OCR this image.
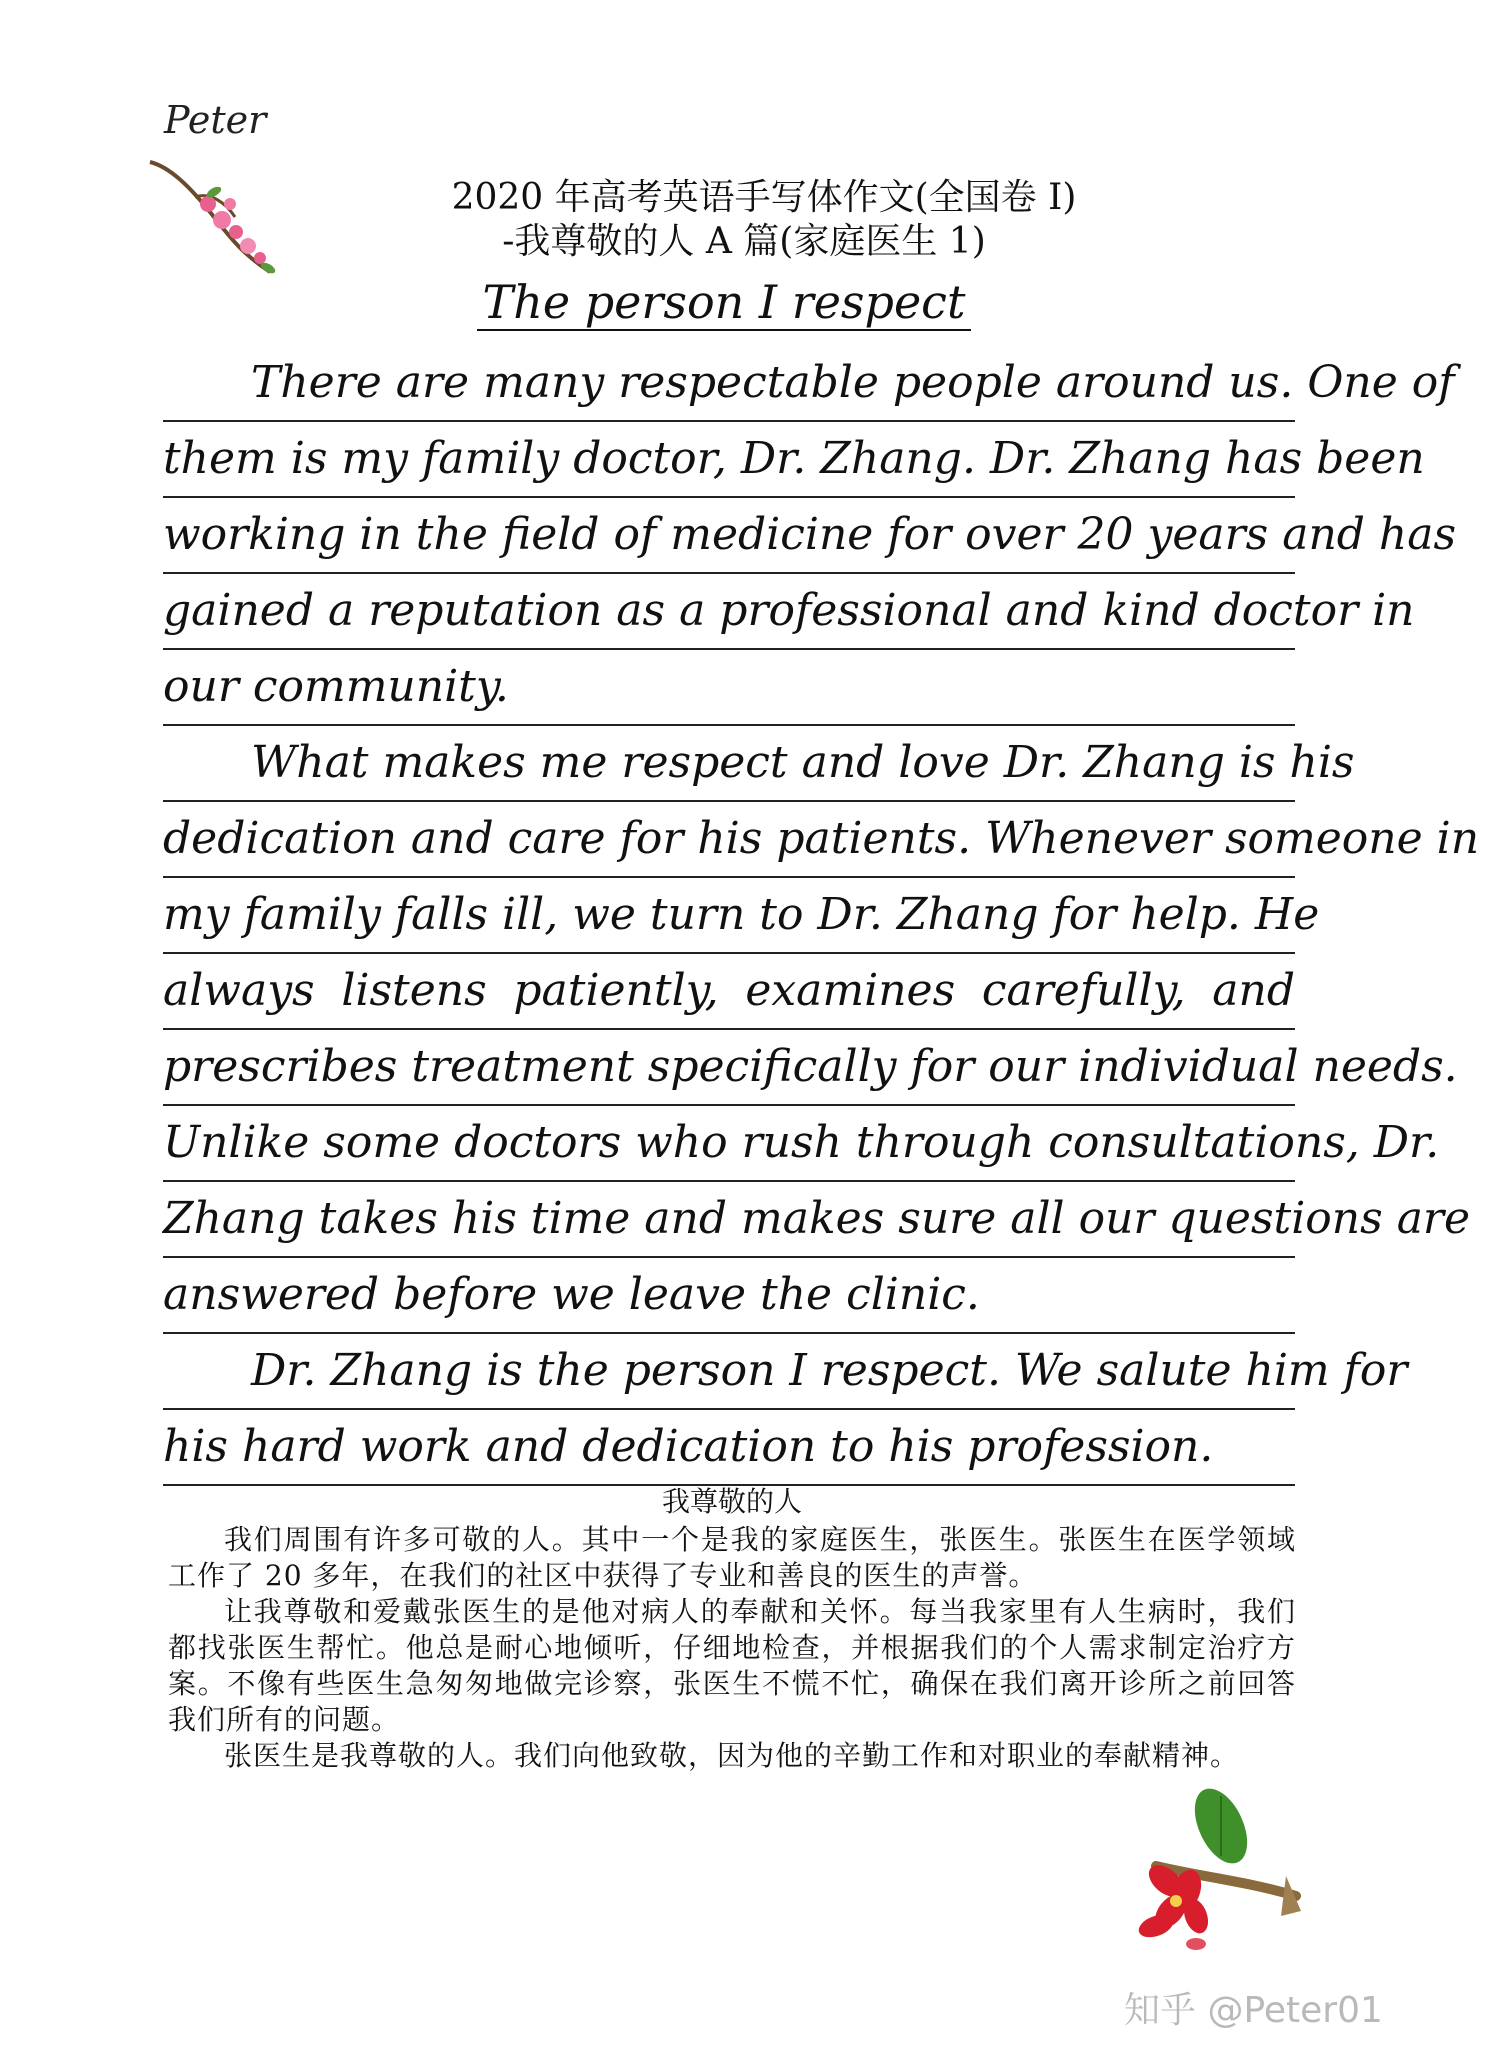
Peter
2020 年高考英语手写体作文(全国卷 I)
-我尊敬的人 A 篇(家庭医生 1)
The person I respect
There are many respectable people around us. One of
them is my family doctor, Dr. Zhang. Dr. Zhang has been
working in the field of medicine for over 20 years and has
gained a reputation as a professional and kind doctor in
our community.
What makes me respect and love Dr. Zhang is his
dedication and care for his patients. Whenever someone in
my family falls ill, we turn to Dr. Zhang for help. He
always listens patiently, examines carefully, and
prescribes treatment specifically for our individual needs.
Unlike some doctors who rush through consultations, Dr.
Zhang takes his time and makes sure all our questions are
answered before we leave the clinic.
Dr. Zhang is the person I respect. We salute him for
his hard work and dedication to his profession.
我尊敬的人

我们周围有许多可敬的人。其中一个是我的家庭医生，张医生。张医生在医学领域工作了 20 多年，在我们的社区中获得了专业和善良的医生的声誉。

让我尊敬和爱戴张医生的是他对病人的奉献和关怀。每当我家里有人生病时，我们都找张医生帮忙。他总是耐心地倾听，仔细地检查，并根据我们的个人需求制定治疗方案。不像有些医生急匆匆地做完诊察，张医生不慌不忙，确保在我们离开诊所之前回答我们所有的问题。

张医生是我尊敬的人。我们向他致敬，因为他的辛勤工作和对职业的奉献精神。

知乎 @Peter01
